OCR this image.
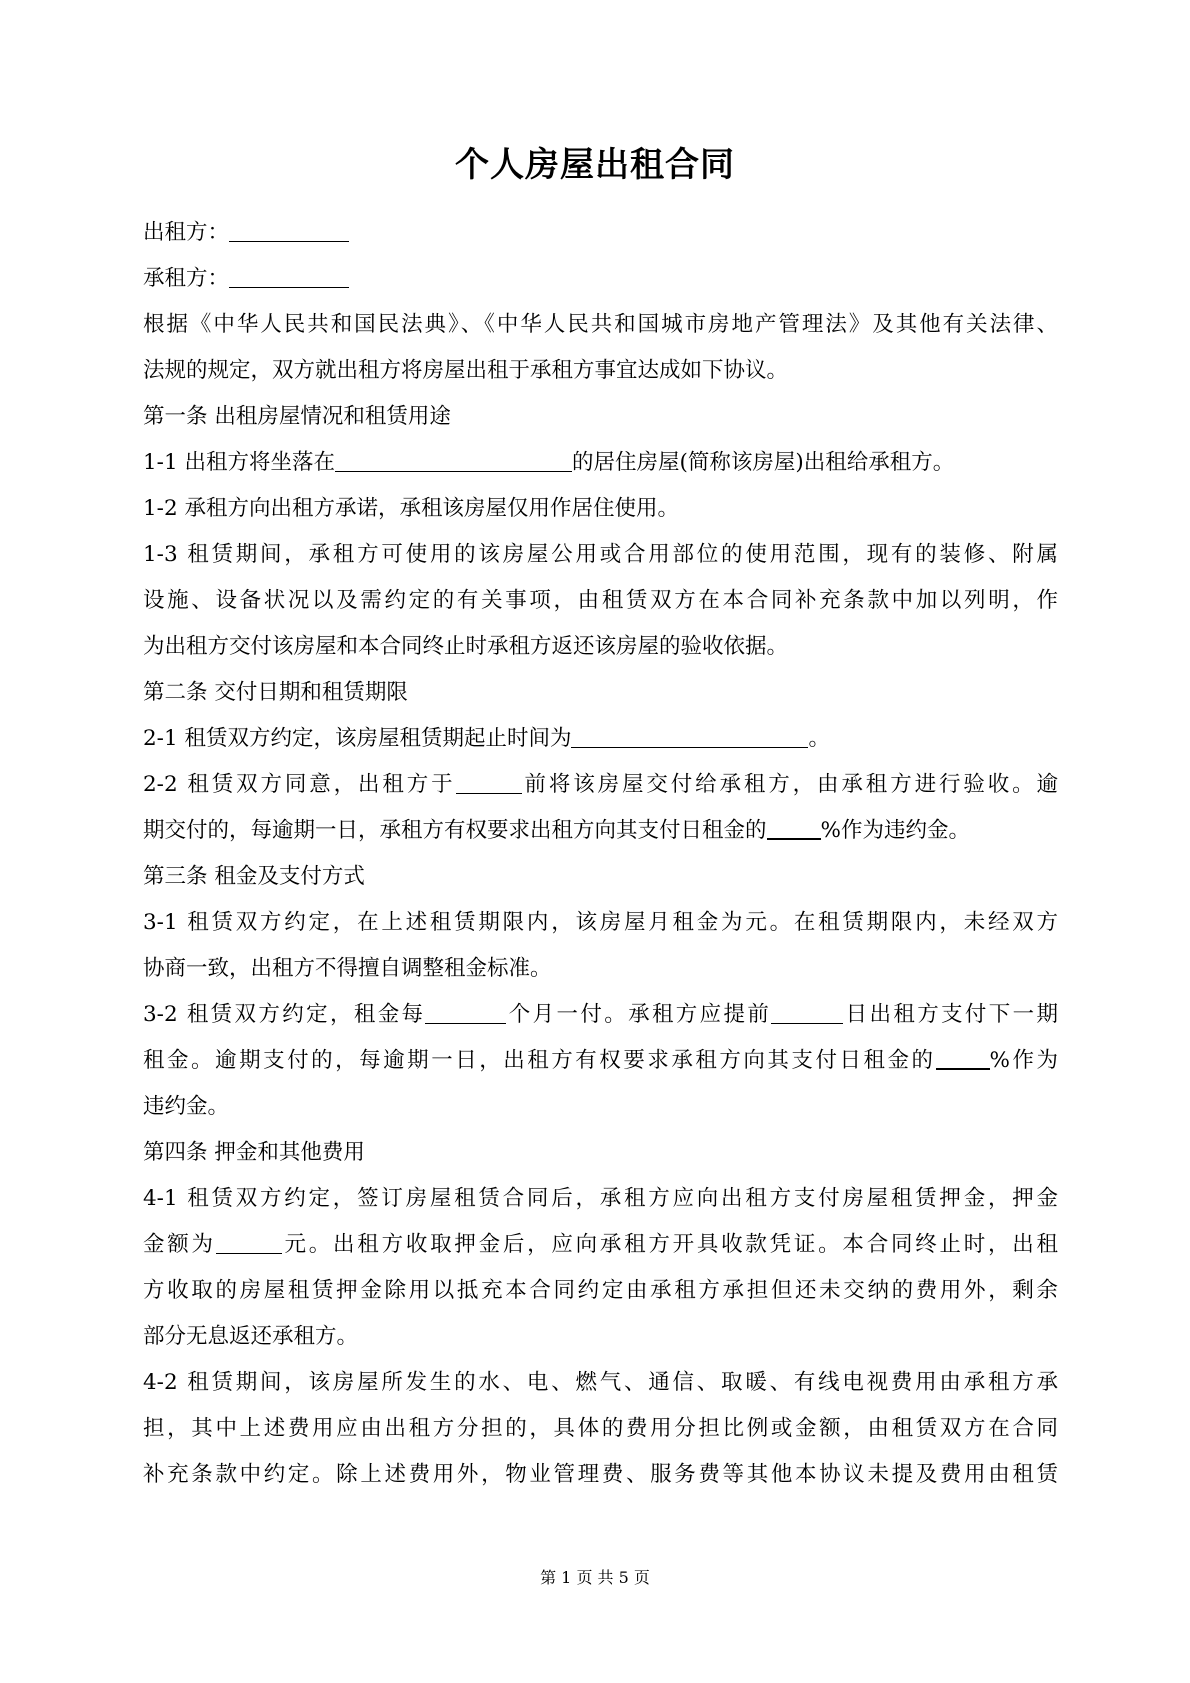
个人房屋出租合同
出租方：
承租方：
根据《中华人民共和国民法典》、《中华人民共和国城市房地产管理法》及其他有关法律、
法规的规定，双方就出租方将房屋出租于承租方事宜达成如下协议。
第一条 出租房屋情况和租赁用途
1-1 出租方将坐落在	的居住房屋(简称该房屋)出租给承租方。
1-2 承租方向出租方承诺，承租该房屋仅用作居住使用。
1-3 租赁期间，承租方可使用的该房屋公用或合用部位的使用范围，现有的装修、附属
设施、设备状况以及需约定的有关事项，由租赁双方在本合同补充条款中加以列明，作
为出租方交付该房屋和本合同终止时承租方返还该房屋的验收依据。
第二条 交付日期和租赁期限
2-1 租赁双方约定，该房屋租赁期起止时间为	。
2-2 租赁双方同意，出租方于	前将该房屋交付给承租方，由承租方进行验收。逾
期交付的，每逾期一日，承租方有权要求出租方向其支付日租金的	%作为违约金。
第三条 租金及支付方式
3-1 租赁双方约定，在上述租赁期限内，该房屋月租金为元。在租赁期限内，未经双方
协商一致，出租方不得擅自调整租金标准。
3-2 租赁双方约定，租金每	个月一付。承租方应提前	日出租方支付下一期
租金。逾期支付的，每逾期一日，出租方有权要求承租方向其支付日租金的	%作为
违约金。
第四条 押金和其他费用
4-1 租赁双方约定，签订房屋租赁合同后，承租方应向出租方支付房屋租赁押金，押金
金额为	元。出租方收取押金后，应向承租方开具收款凭证。本合同终止时，出租
方收取的房屋租赁押金除用以抵充本合同约定由承租方承担但还未交纳的费用外，剩余
部分无息返还承租方。
4-2 租赁期间，该房屋所发生的水、电、燃气、通信、取暖、有线电视费用由承租方承
担，其中上述费用应由出租方分担的，具体的费用分担比例或金额，由租赁双方在合同
补充条款中约定。除上述费用外，物业管理费、服务费等其他本协议未提及费用由租赁
第 1 页 共 5 页
